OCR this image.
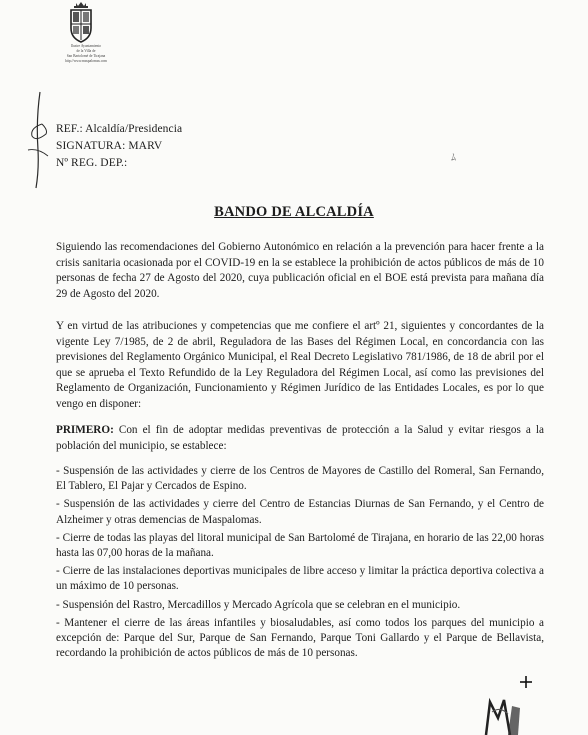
Ilustre Ayuntamiento
de la Villa de
San Bartolomé de Tirajana
http://www.maspalomas.com
REF.: Alcaldía/Presidencia
SIGNATURA: MARV
Nº REG. DEP.:	ﾑ
BANDO DE ALCALDÍA
Siguiendo las recomendaciones del Gobierno Autonómico en relación a la prevención para hacer frente a la crisis sanitaria ocasionada por el COVID-19 en la se establece la prohibición de actos públicos de más de 10 personas de fecha 27 de Agosto del 2020, cuya publicación oficial en el BOE está prevista para mañana día 29 de Agosto del 2020.
Y en virtud de las atribuciones y competencias que me confiere el artº 21, siguientes y concordantes de la vigente Ley 7/1985, de 2 de abril, Reguladora de las Bases del Régimen Local, en concordancia con las previsiones del Reglamento Orgánico Municipal, el Real Decreto Legislativo 781/1986, de 18 de abril por el que se aprueba el Texto Refundido de la Ley Reguladora del Régimen Local, así como las previsiones del Reglamento de Organización, Funcionamiento y Régimen Jurídico de las Entidades Locales, es por lo que vengo en disponer:
PRIMERO: Con el fin de adoptar medidas preventivas de protección a la Salud y evitar riesgos a la población del municipio, se establece:
- Suspensión de las actividades y cierre de los Centros de Mayores de Castillo del Romeral, San Fernando, El Tablero, El Pajar y Cercados de Espino.
- Suspensión de las actividades y cierre del Centro de Estancias Diurnas de San Fernando, y el Centro de Alzheimer y otras demencias de Maspalomas.
- Cierre de todas las playas del litoral municipal de San Bartolomé de Tirajana, en horario de las 22,00 horas hasta las 07,00 horas de la mañana.
- Cierre de las instalaciones deportivas municipales de libre acceso y limitar la práctica deportiva colectiva a un máximo de 10 personas.
- Suspensión del Rastro, Mercadillos y Mercado Agrícola que se celebran en el municipio.
- Mantener el cierre de las áreas infantiles y biosaludables, así como todos los parques del municipio a excepción de: Parque del Sur, Parque de San Fernando, Parque Toni Gallardo y el Parque de Bellavista, recordando la prohibición de actos públicos de más de 10 personas.
